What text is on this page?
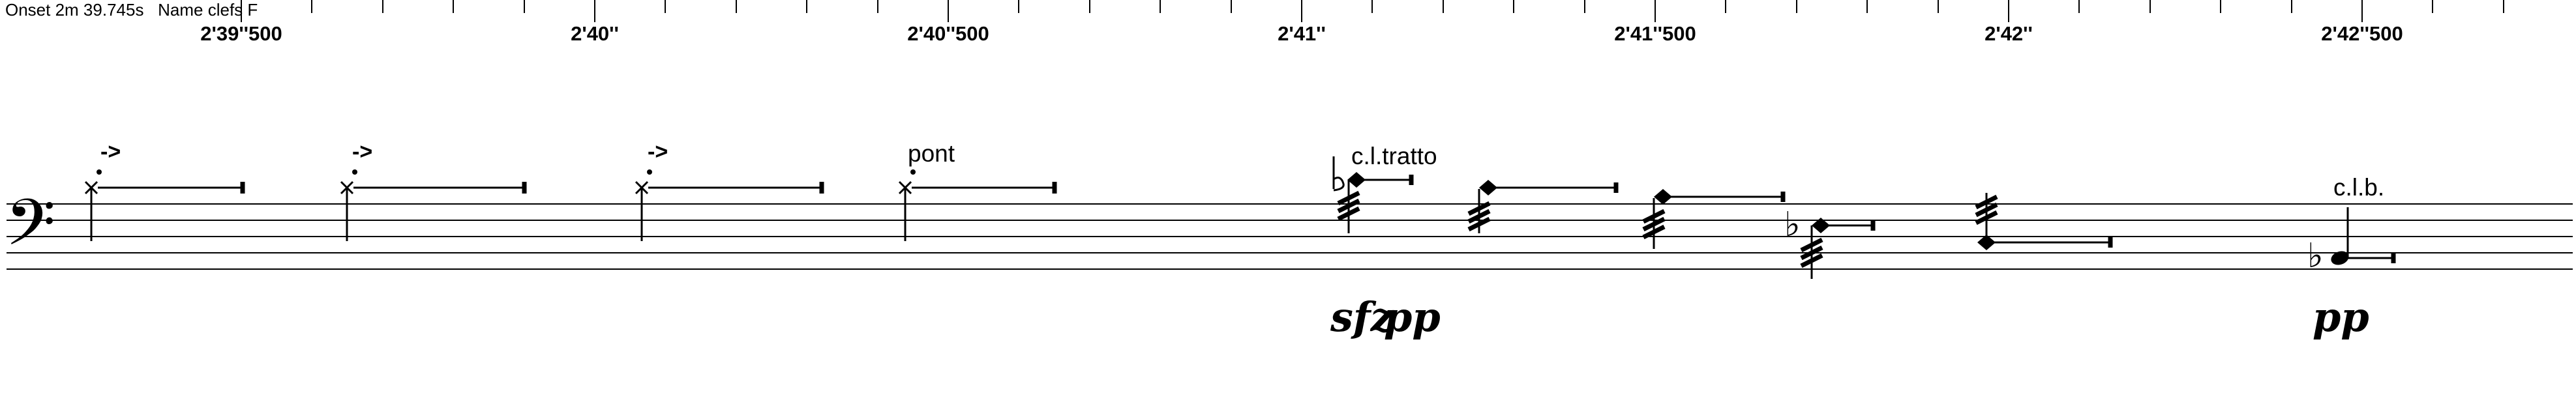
Onset 2m 39.745s Name clefs F
2'39''500	2'40''	2'40''500	2'41''	2'41''500	2'42''	2'42''500
𝄢
->	->	->	pont	c.l.tratto
♭
♭
c.l.b.
sfz
pp	pp
